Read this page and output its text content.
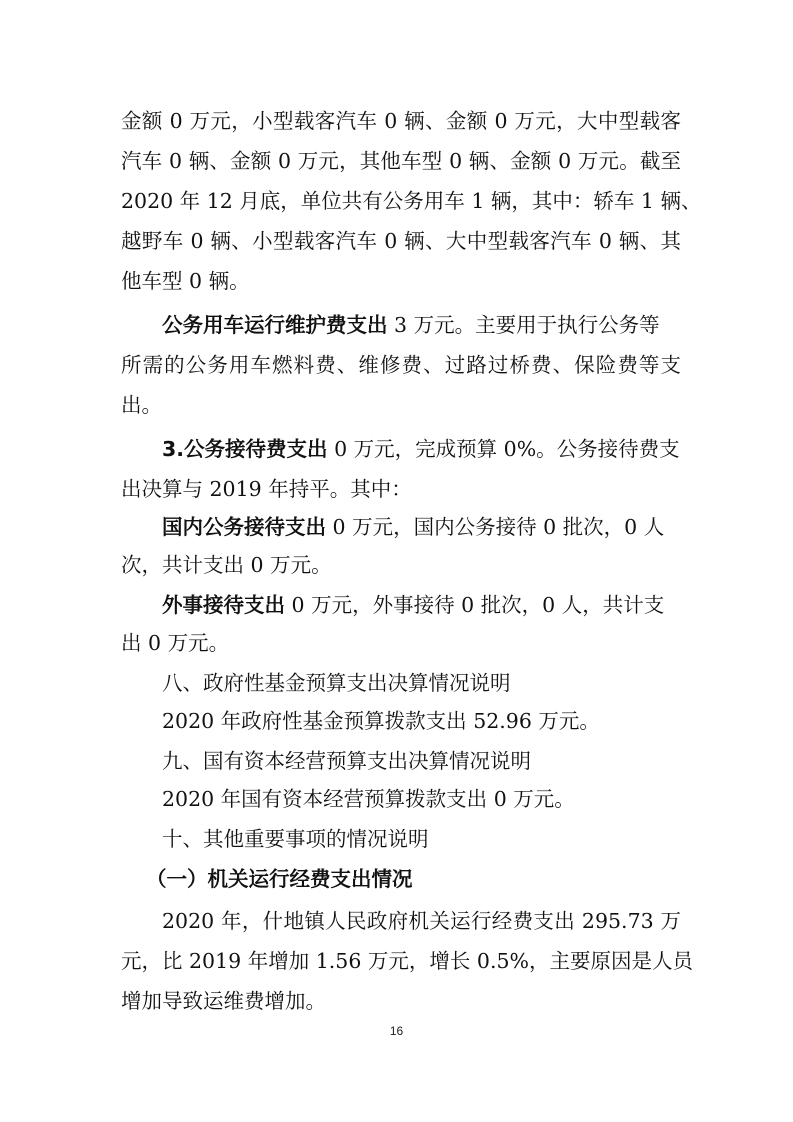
金额 0 万元，小型载客汽车 0 辆、金额 0 万元，大中型载客
汽车 0 辆、金额 0 万元，其他车型 0 辆、金额 0 万元。截至
2020 年 12 月底，单位共有公务用车 1 辆，其中：轿车 1 辆、
越野车 0 辆、小型载客汽车 0 辆、大中型载客汽车 0 辆、其
他车型 0 辆。
公务用车运行维护费支出 3 万元。主要用于执行公务等
所需的公务用车燃料费、维修费、过路过桥费、保险费等支
出。
3.公务接待费支出 0 万元，完成预算 0%。公务接待费支
出决算与 2019 年持平。其中：
国内公务接待支出 0 万元，国内公务接待 0 批次，0 人
次，共计支出 0 万元。
外事接待支出 0 万元，外事接待 0 批次，0 人，共计支
出 0 万元。
八、政府性基金预算支出决算情况说明
2020 年政府性基金预算拨款支出 52.96 万元。
九、国有资本经营预算支出决算情况说明
2020 年国有资本经营预算拨款支出 0 万元。
十、其他重要事项的情况说明
（一）机关运行经费支出情况
2020 年，什地镇人民政府机关运行经费支出 295.73 万
元，比 2019 年增加 1.56 万元，增长 0.5%，主要原因是人员
增加导致运维费增加。
16
